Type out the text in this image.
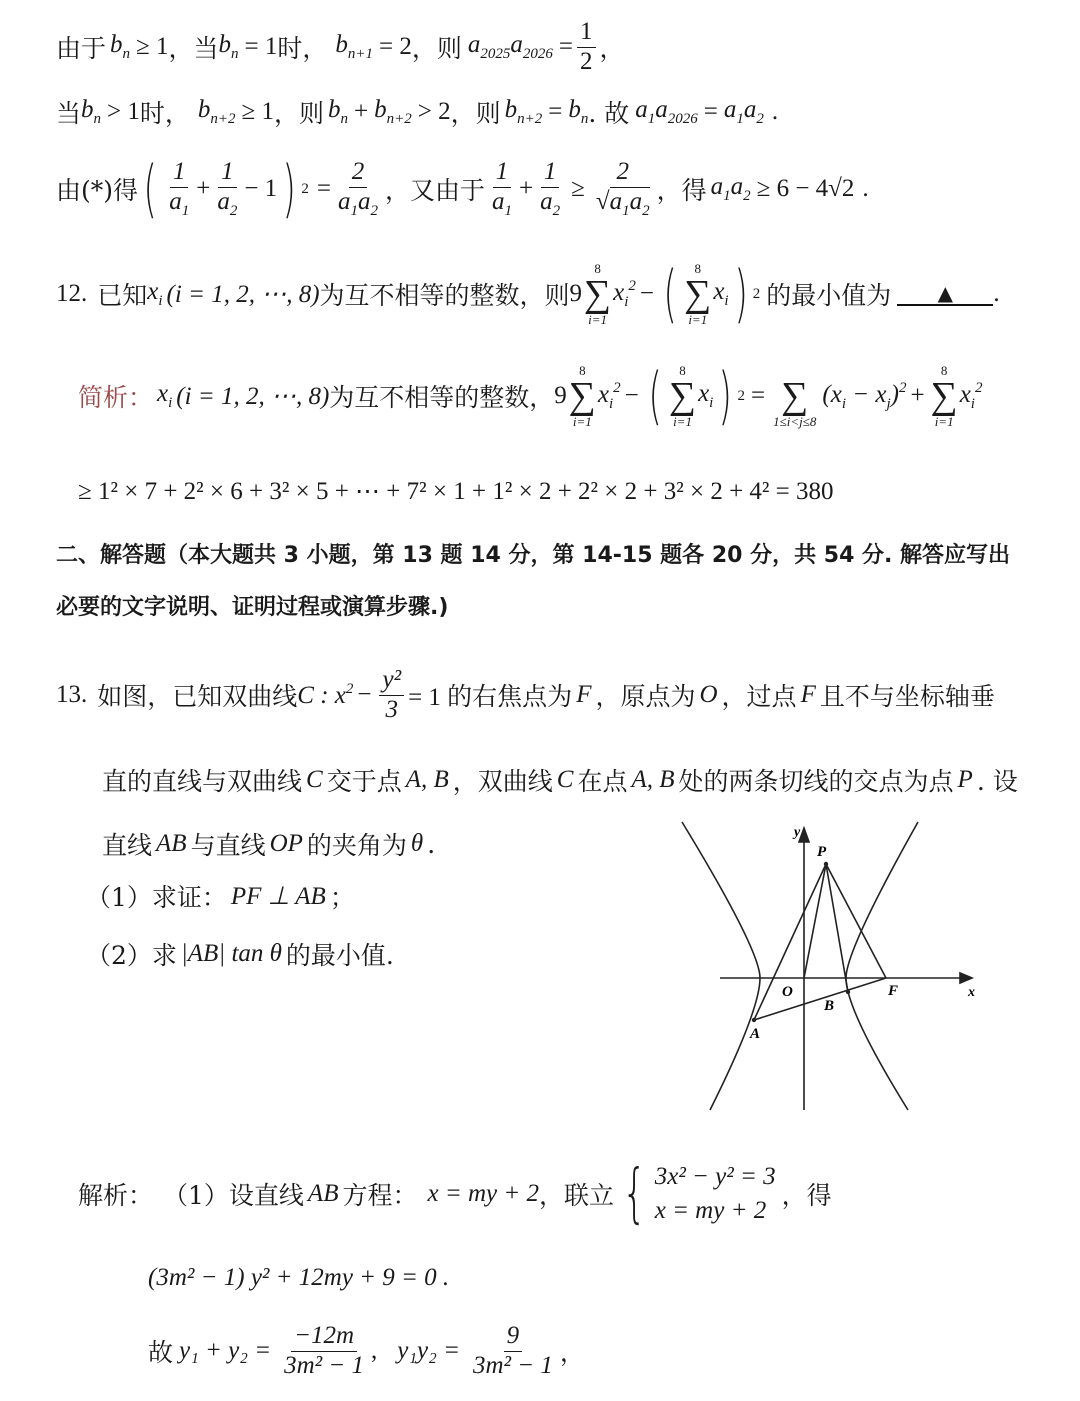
由于 $b_n \ge 1$ ，当 $b_n = 1$ 时， $b_{n+1} = 2$ ，则 $a_{2025}a_{2026} = \frac{1}{2}$ ，
当 $b_n > 1$ 时， $b_{n+2} \ge 1$ ，则 $b_n + b_{n+2} > 2$ ，则 $b_{n+2} = b_n$ . 故 $a_1a_{2026} = a_1a_2$ .
由(*)得 ( $\frac{1}{a_1} + \frac{1}{a_2} - 1$ ) $2 = \frac{2}{a_1a_2}$ ，又由于 $\frac{1}{a_1} + \frac{1}{a_2} \ge \frac{2}{√a_1a_2}$ ，得 $a_1a_2 \ge 6 - 4√2$ .
12. 已知 $x_i$ (i = 1, 2, ⋯, 8) 为互不相等的整数，则 9
8
∑
i=1
$x_i^2$ − ( 8
∑
i=1
$x_i$ ) 2 的最小值为	▲	.
简析： $x_i$ (i = 1, 2, ⋯, 8) 为互不相等的整数， 9
8
∑
i=1
$x_i^2$ − ( 8
∑
i=1
$x_i$ ) 2 =
∑
1≤i<j≤8
$(x_i - x_j)^2$ +
8
∑
i=1
$x_i^2$
≥ 1² × 7 + 2² × 6 + 3² × 5 + ⋯ + 7² × 1 + 1² × 2 + 2² × 2 + 3² × 2 + 4² = 380
二、解答题（本大题共 3 小题，第 13 题 14 分，第 14-15 题各 20 分，共 54 分. 解答应写出
必要的文字说明、证明过程或演算步骤.)
13. 如图，已知双曲线 C : $x^2 - \frac{\text{y²}}{3} = 1$ 的右焦点为 F ，原点为 O ，过点 F 且不与坐标轴垂
直的直线与双曲线 C 交于点 A, B ，双曲线 C 在点 A, B 处的两条切线的交点为点 P . 设
直线 AB 与直线 OP 的夹角为 θ .
（1）求证： PF ⊥ AB ；
（2）求 |AB| tan θ 的最小值.
y
P
O
B
F	x
A
解析： （1）设直线 AB 方程： x = my + 2 ，联立 { 3x² − y² = 3
x = my + 2
，得
(3m² − 1) y² + 12my + 9 = 0 .
故 $y_1 + y_2 = \frac{-12m}{\text{3m² − 1}}$ , $y_1y_2 = \frac{9}{\text{3m² − 1}}$ ，
